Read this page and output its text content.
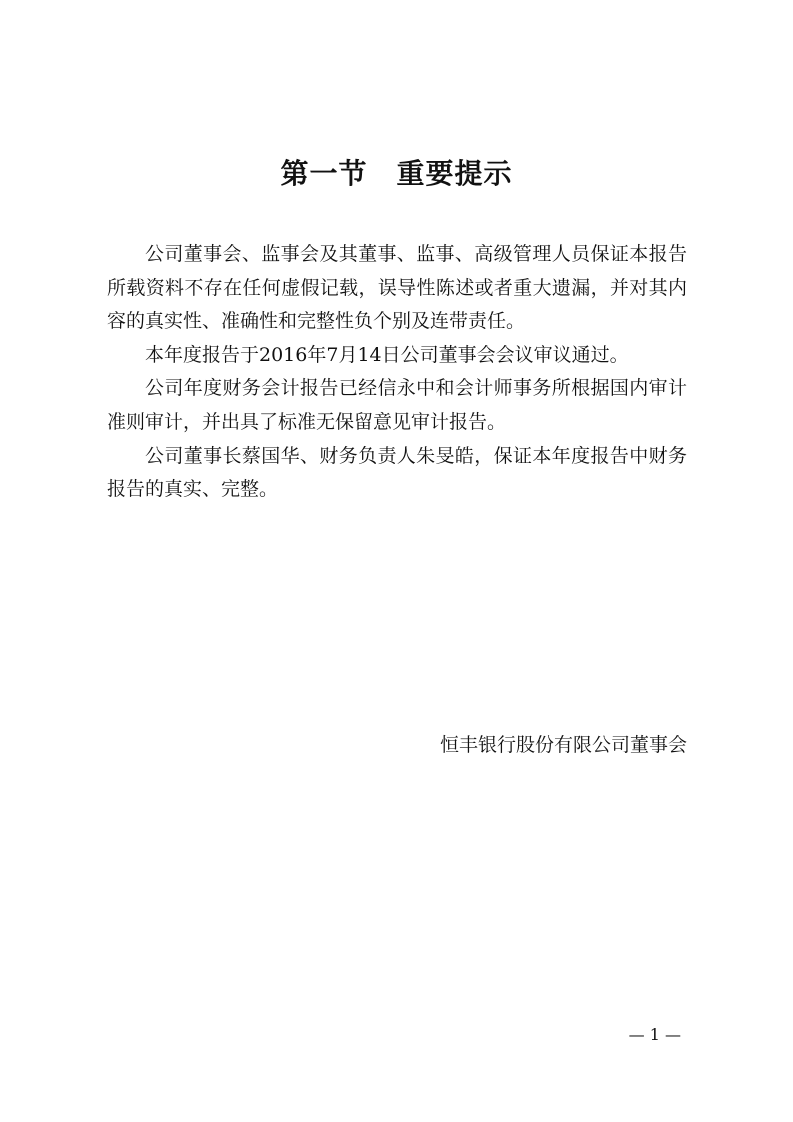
第一节　重要提示

公司董事会、监事会及其董事、监事、高级管理人员保证本报告所载资料不存在任何虚假记载，误导性陈述或者重大遗漏，并对其内容的真实性、准确性和完整性负个别及连带责任。

本年度报告于2016年7月14日公司董事会会议审议通过。

公司年度财务会计报告已经信永中和会计师事务所根据国内审计准则审计，并出具了标准无保留意见审计报告。

公司董事长蔡国华、财务负责人朱旻皓，保证本年度报告中财务报告的真实、完整。

恒丰银行股份有限公司董事会
— 1 —
